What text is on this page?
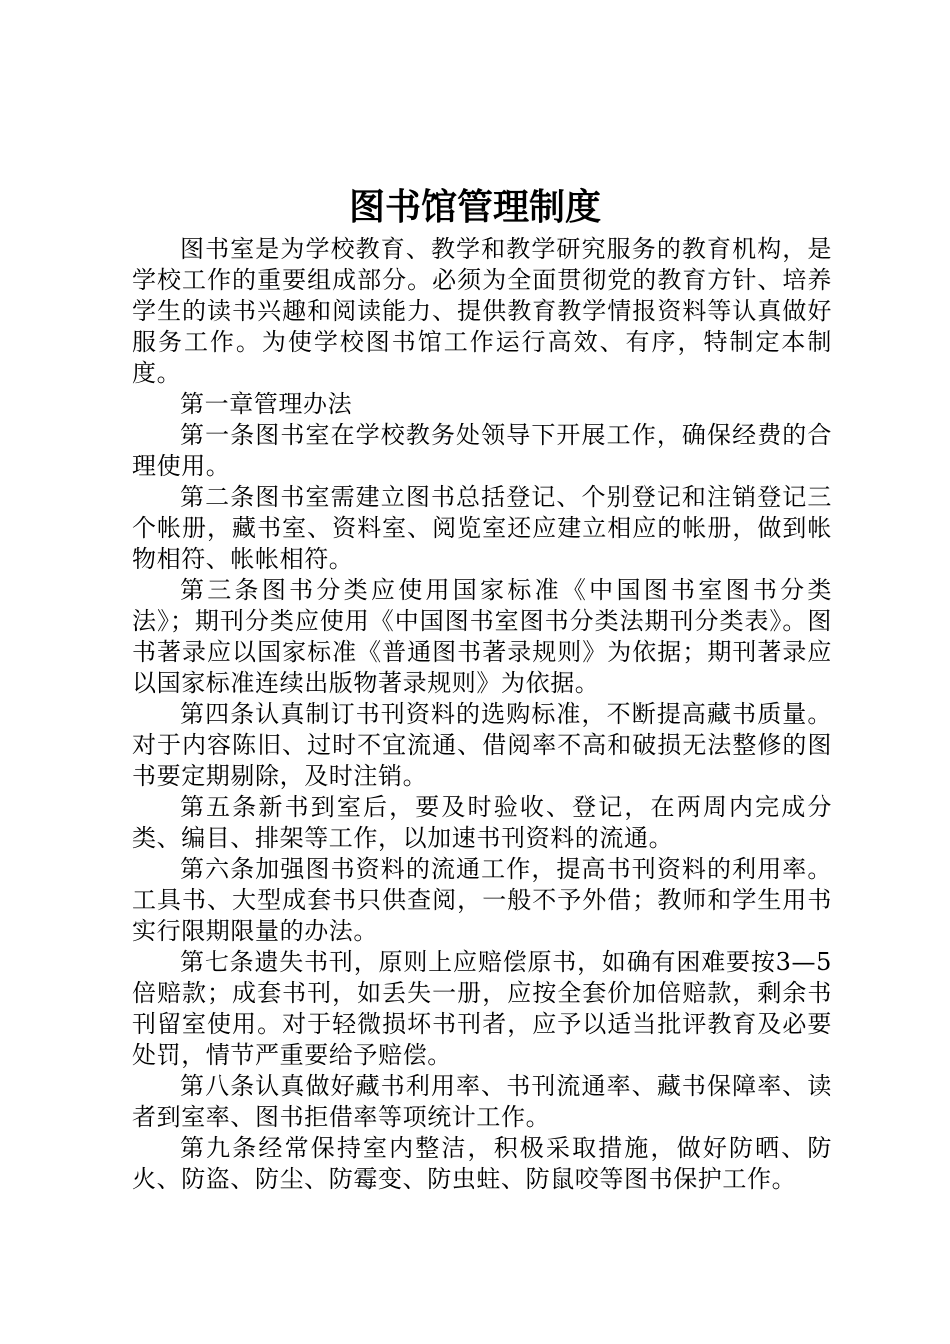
图书馆管理制度

图书室是为学校教育、教学和教学研究服务的教育机构，是学校工作的重要组成部分。必须为全面贯彻党的教育方针、培养学生的读书兴趣和阅读能力、提供教育教学情报资料等认真做好服务工作。为使学校图书馆工作运行高效、有序，特制定本制度。

第一章管理办法

第一条图书室在学校教务处领导下开展工作，确保经费的合理使用。

第二条图书室需建立图书总括登记、个别登记和注销登记三个帐册，藏书室、资料室、阅览室还应建立相应的帐册，做到帐物相符、帐帐相符。

第三条图书分类应使用国家标准《中国图书室图书分类法》；期刊分类应使用《中国图书室图书分类法期刊分类表》。图书著录应以国家标准《普通图书著录规则》为依据；期刊著录应以国家标准连续出版物著录规则》为依据。

第四条认真制订书刊资料的选购标准，不断提高藏书质量。对于内容陈旧、过时不宜流通、借阅率不高和破损无法整修的图书要定期剔除，及时注销。

第五条新书到室后，要及时验收、登记，在两周内完成分类、编目、排架等工作，以加速书刊资料的流通。

第六条加强图书资料的流通工作，提高书刊资料的利用率。工具书、大型成套书只供查阅，一般不予外借；教师和学生用书实行限期限量的办法。

第七条遗失书刊，原则上应赔偿原书，如确有困难要按3—5倍赔款；成套书刊，如丢失一册，应按全套价加倍赔款，剩余书刊留室使用。对于轻微损坏书刊者，应予以适当批评教育及必要处罚，情节严重要给予赔偿。

第八条认真做好藏书利用率、书刊流通率、藏书保障率、读者到室率、图书拒借率等项统计工作。

第九条经常保持室内整洁，积极采取措施，做好防晒、防火、防盗、防尘、防霉变、防虫蛀、防鼠咬等图书保护工作。
